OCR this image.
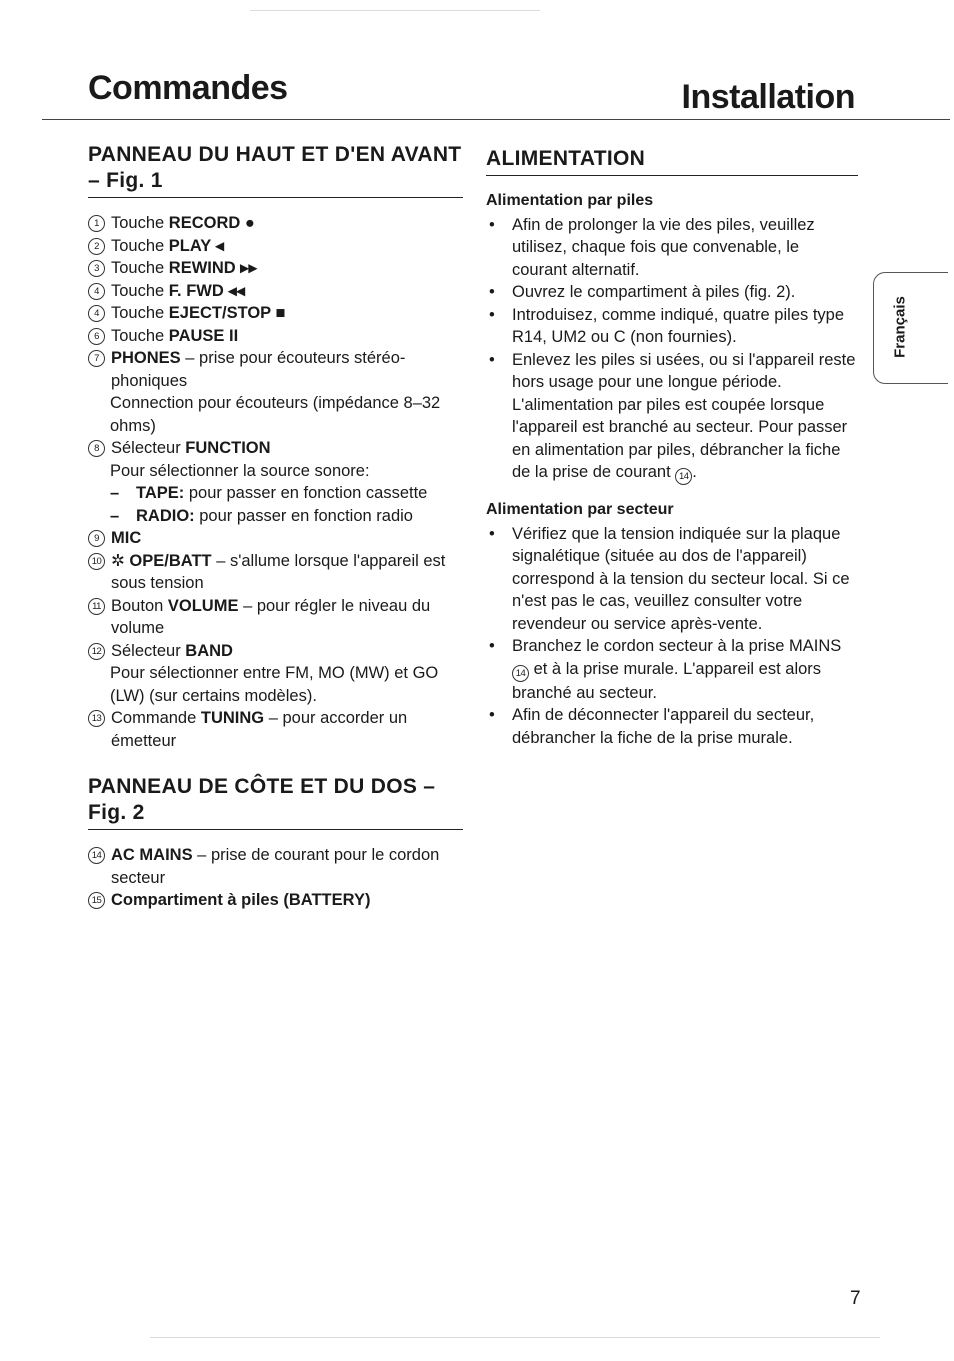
Commandes	Installation
PANNEAU DU HAUT ET D'EN AVANT – Fig. 1
1 Touche RECORD ●
2 Touche PLAY ◂
3 Touche REWIND ▸▸
4 Touche F. FWD ◂◂
4 Touche EJECT/STOP ■
6 Touche PAUSE II
7 PHONES – prise pour écouteurs stéréo-phoniques
Connection pour écouteurs (impédance 8–32 ohms)
8 Sélecteur FUNCTION
Pour sélectionner la source sonore:
–	TAPE: pour passer en fonction cassette
–	RADIO: pour passer en fonction radio
9 MIC
10 ✲ OPE/BATT – s'allume lorsque l'appareil est sous tension
11 Bouton VOLUME – pour régler le niveau du volume
12 Sélecteur BAND
Pour sélectionner entre FM, MO (MW) et GO (LW) (sur certains modèles).
13 Commande TUNING – pour accorder un émetteur
PANNEAU DE CÔTE ET DU DOS – Fig. 2
14 AC MAINS – prise de courant pour le cordon secteur
15 Compartiment à piles (BATTERY)
ALIMENTATION
Alimentation par piles
•	Afin de prolonger la vie des piles, veuillez utilisez, chaque fois que convenable, le courant alternatif.
•	Ouvrez le compartiment à piles (fig. 2).
•	Introduisez, comme indiqué, quatre piles type R14, UM2 ou C (non fournies).
•	Enlevez les piles si usées, ou si l'appareil reste hors usage pour une longue période. L'alimentation par piles est coupée lorsque l'appareil est branché au secteur. Pour passer en alimentation par piles, débrancher la fiche de la prise de courant 14 .
Alimentation par secteur
•	Vérifiez que la tension indiquée sur la plaque signalétique (située au dos de l'appareil) correspond à la tension du secteur local. Si ce n'est pas le cas, veuillez consulter votre revendeur ou service après-vente.
•	Branchez le cordon secteur à la prise MAINS 14 et à la prise murale. L'appareil est alors branché au secteur.
•	Afin de déconnecter l'appareil du secteur, débrancher la fiche de la prise murale.
Français
7
